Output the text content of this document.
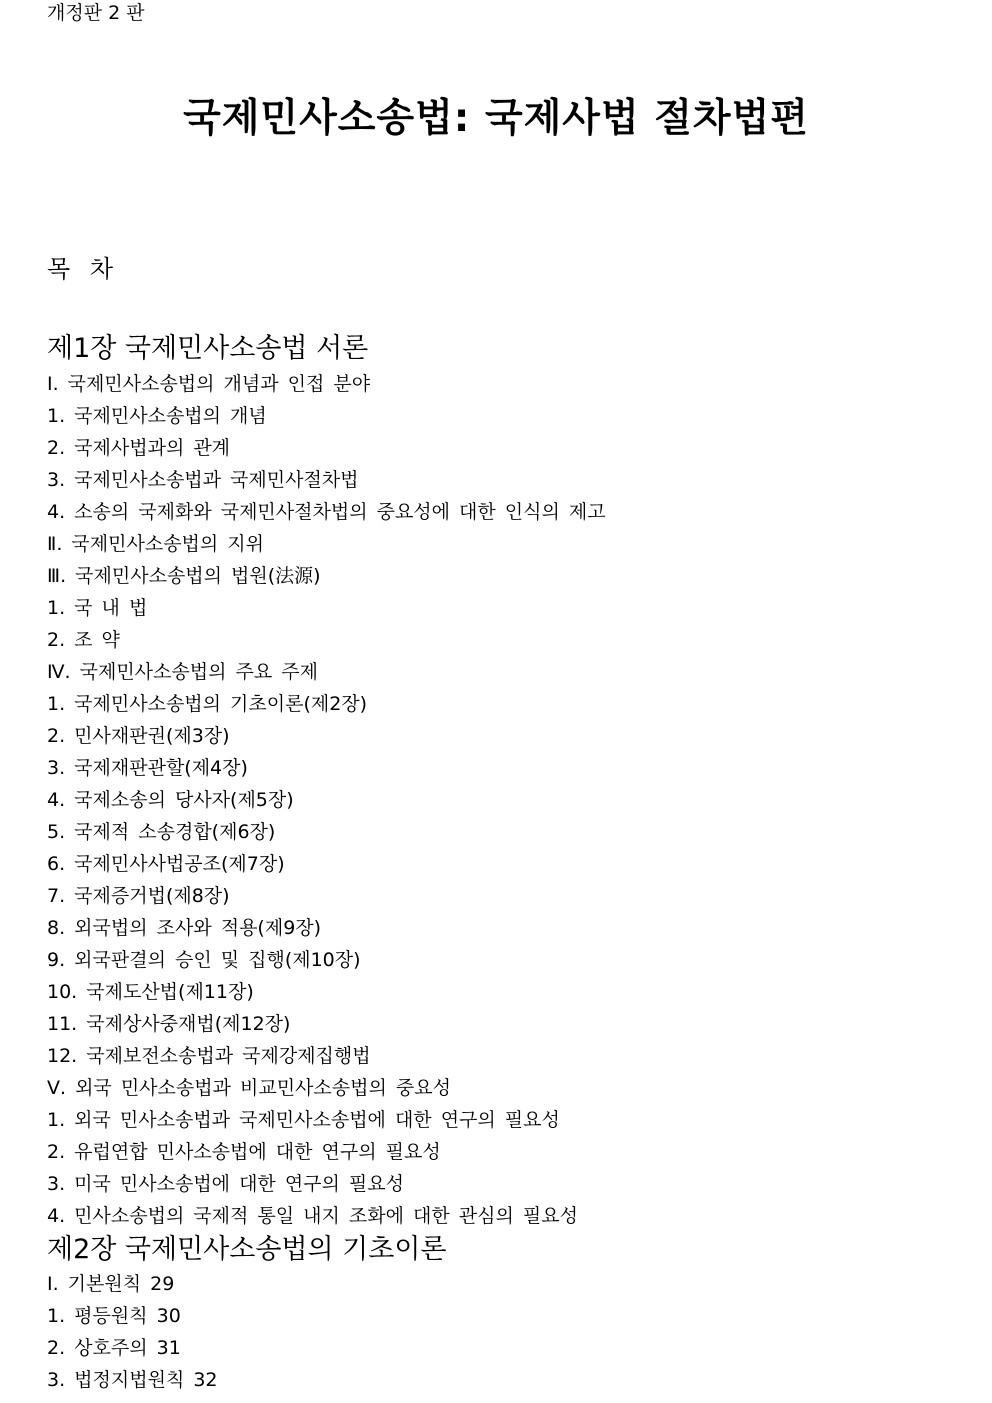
개정판 2 판
국제민사소송법: 국제사법 절차법편
목 차
제1장 국제민사소송법 서론
Ⅰ. 국제민사소송법의 개념과 인접 분야
1. 국제민사소송법의 개념
2. 국제사법과의 관계
3. 국제민사소송법과 국제민사절차법
4. 소송의 국제화와 국제민사절차법의 중요성에 대한 인식의 제고
Ⅱ. 국제민사소송법의 지위
Ⅲ. 국제민사소송법의 법원(法源)
1. 국 내 법
2. 조 약
Ⅳ. 국제민사소송법의 주요 주제
1. 국제민사소송법의 기초이론(제2장)
2. 민사재판권(제3장)
3. 국제재판관할(제4장)
4. 국제소송의 당사자(제5장)
5. 국제적 소송경합(제6장)
6. 국제민사사법공조(제7장)
7. 국제증거법(제8장)
8. 외국법의 조사와 적용(제9장)
9. 외국판결의 승인 및 집행(제10장)
10. 국제도산법(제11장)
11. 국제상사중재법(제12장)
12. 국제보전소송법과 국제강제집행법
Ⅴ. 외국 민사소송법과 비교민사소송법의 중요성
1. 외국 민사소송법과 국제민사소송법에 대한 연구의 필요성
2. 유럽연합 민사소송법에 대한 연구의 필요성
3. 미국 민사소송법에 대한 연구의 필요성
4. 민사소송법의 국제적 통일 내지 조화에 대한 관심의 필요성
제2장 국제민사소송법의 기초이론
Ⅰ. 기본원칙 29
1. 평등원칙 30
2. 상호주의 31
3. 법정지법원칙 32
